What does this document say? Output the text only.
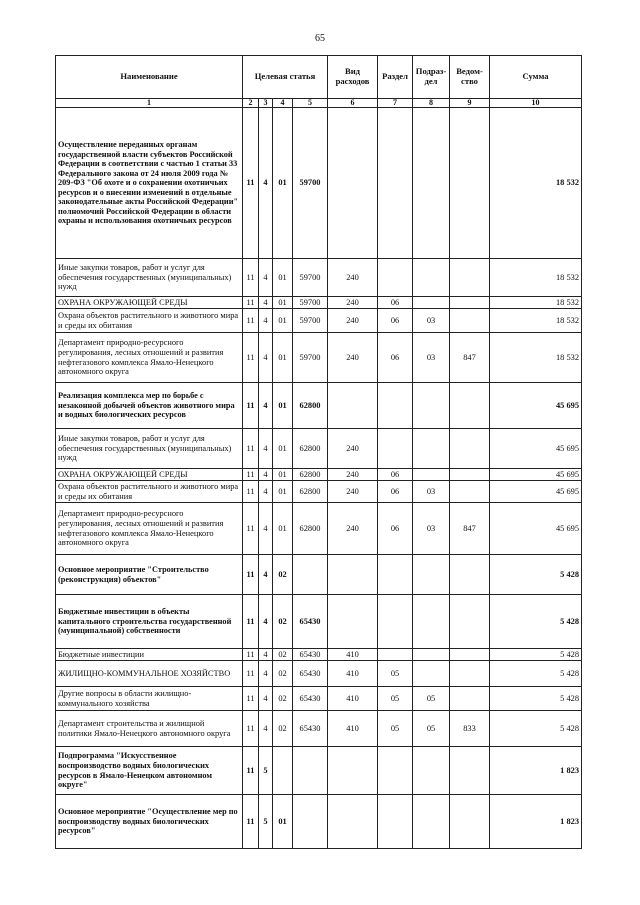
65
Наименование	Целевая статья				Вид расходов	Раздел	Подраз-дел	Ведом-ство	Сумма
1	2	3	4	5	6	7	8	9	10
Осуществление переданных органам государственной власти субъектов Российской Федерации в соответствии с частью 1 статьи 33 Федерального закона от 24 июля 2009 года № 209-ФЗ "Об охоте и о сохранении охотничьих ресурсов и о внесении изменений в отдельные законодательные акты Российской Федерации" полномочий Российской Федерации в области охраны и использования охотничьих ресурсов	11	4	01	59700					18 532
Иные закупки товаров, работ и услуг для обеспечения государственных (муниципальных) нужд	11	4	01	59700	240				18 532
ОХРАНА ОКРУЖАЮЩЕЙ СРЕДЫ	11	4	01	59700	240	06			18 532
Охрана объектов растительного и животного мира и среды их обитания	11	4	01	59700	240	06	03		18 532
Департамент природно-ресурсного регулирования, лесных отношений и развития нефтегазового комплекса Ямало-Ненецкого автономного округа	11	4	01	59700	240	06	03	847	18 532
Реализация комплекса мер по борьбе с незаконной добычей объектов животного мира и водных биологических ресурсов	11	4	01	62800					45 695
Иные закупки товаров, работ и услуг для обеспечения государственных (муниципальных) нужд	11	4	01	62800	240				45 695
ОХРАНА ОКРУЖАЮЩЕЙ СРЕДЫ	11	4	01	62800	240	06			45 695
Охрана объектов растительного и животного мира и среды их обитания	11	4	01	62800	240	06	03		45 695
Департамент природно-ресурсного регулирования, лесных отношений и развития нефтегазового комплекса Ямало-Ненецкого автономного округа	11	4	01	62800	240	06	03	847	45 695
Основное мероприятие "Строительство (реконструкция) объектов"	11	4	02						5 428
Бюджетные инвестиции в объекты капитального строительства государственной (муниципальной) собственности	11	4	02	65430					5 428
Бюджетные инвестиции	11	4	02	65430	410				5 428
ЖИЛИЩНО-КОММУНАЛЬНОЕ ХОЗЯЙСТВО	11	4	02	65430	410	05			5 428
Другие вопросы в области жилищно-коммунального хозяйства	11	4	02	65430	410	05	05		5 428
Департамент строительства и жилищной политики Ямало-Ненецкого автономного округа	11	4	02	65430	410	05	05	833	5 428
Подпрограмма "Искусственное воспроизводство водных биологических ресурсов в Ямало-Ненецком автономном округе"	11	5							1 823
Основное мероприятие "Осуществление мер по воспроизводству водных биологических ресурсов"	11	5	01						1 823
